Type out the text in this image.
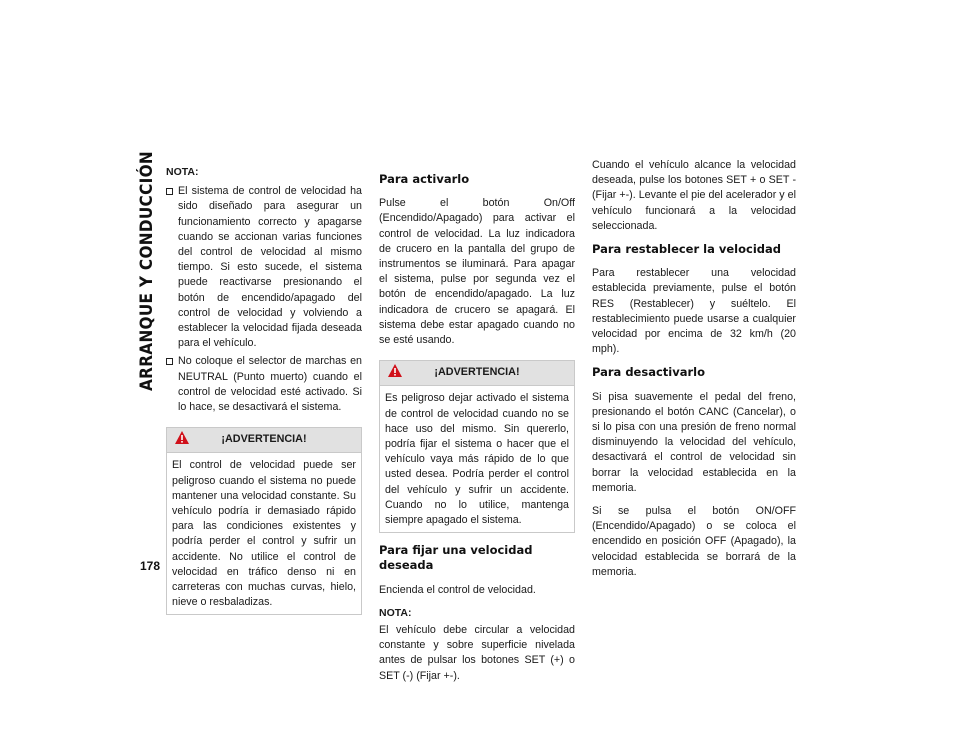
ARRANQUE Y CONDUCCIÓN
178
NOTA:
El sistema de control de velocidad ha sido diseñado para asegurar un funcionamiento correcto y apagarse cuando se accionan varias funciones del control de velocidad al mismo tiempo. Si esto sucede, el sistema puede reactivarse presionando el botón de encendido/apagado del control de velocidad y volviendo a establecer la velocidad fijada deseada para el vehículo.
No coloque el selector de marchas en NEUTRAL (Punto muerto) cuando el control de velocidad esté activado. Si lo hace, se desactivará el sistema.
¡ADVERTENCIA!

El control de velocidad puede ser peligroso cuando el sistema no puede mantener una velocidad constante. Su vehículo podría ir demasiado rápido para las condiciones existentes y podría perder el control y sufrir un accidente. No utilice el control de velocidad en tráfico denso ni en carreteras con muchas curvas, hielo, nieve o resbaladizas.

Para activarlo

Pulse el botón On/Off (Encendido/Apagado) para activar el control de velocidad. La luz indicadora de crucero en la pantalla del grupo de instrumentos se iluminará. Para apagar el sistema, pulse por segunda vez el botón de encendido/apagado. La luz indicadora de crucero se apagará. El sistema debe estar apagado cuando no se esté usando.

¡ADVERTENCIA!

Es peligroso dejar activado el sistema de control de velocidad cuando no se hace uso del mismo. Sin quererlo, podría fijar el sistema o hacer que el vehículo vaya más rápido de lo que usted desea. Podría perder el control del vehículo y sufrir un accidente. Cuando no lo utilice, mantenga siempre apagado el sistema.

Para fijar una velocidad deseada

Encienda el control de velocidad.

NOTA:

El vehículo debe circular a velocidad constante y sobre superficie nivelada antes de pulsar los botones SET (+) o SET (-) (Fijar +-).

Cuando el vehículo alcance la velocidad deseada, pulse los botones SET + o SET - (Fijar +-). Levante el pie del acelerador y el vehículo funcionará a la velocidad seleccionada.

Para restablecer la velocidad

Para restablecer una velocidad establecida previamente, pulse el botón RES (Restablecer) y suéltelo. El restablecimiento puede usarse a cualquier velocidad por encima de 32 km/h (20 mph).

Para desactivarlo

Si pisa suavemente el pedal del freno, presionando el botón CANC (Cancelar), o si lo pisa con una presión de freno normal disminuyendo la velocidad del vehículo, desactivará el control de velocidad sin borrar la velocidad establecida en la memoria.

Si se pulsa el botón ON/OFF (Encendido/Apagado) o se coloca el encendido en posición OFF (Apagado), la velocidad establecida se borrará de la memoria.
